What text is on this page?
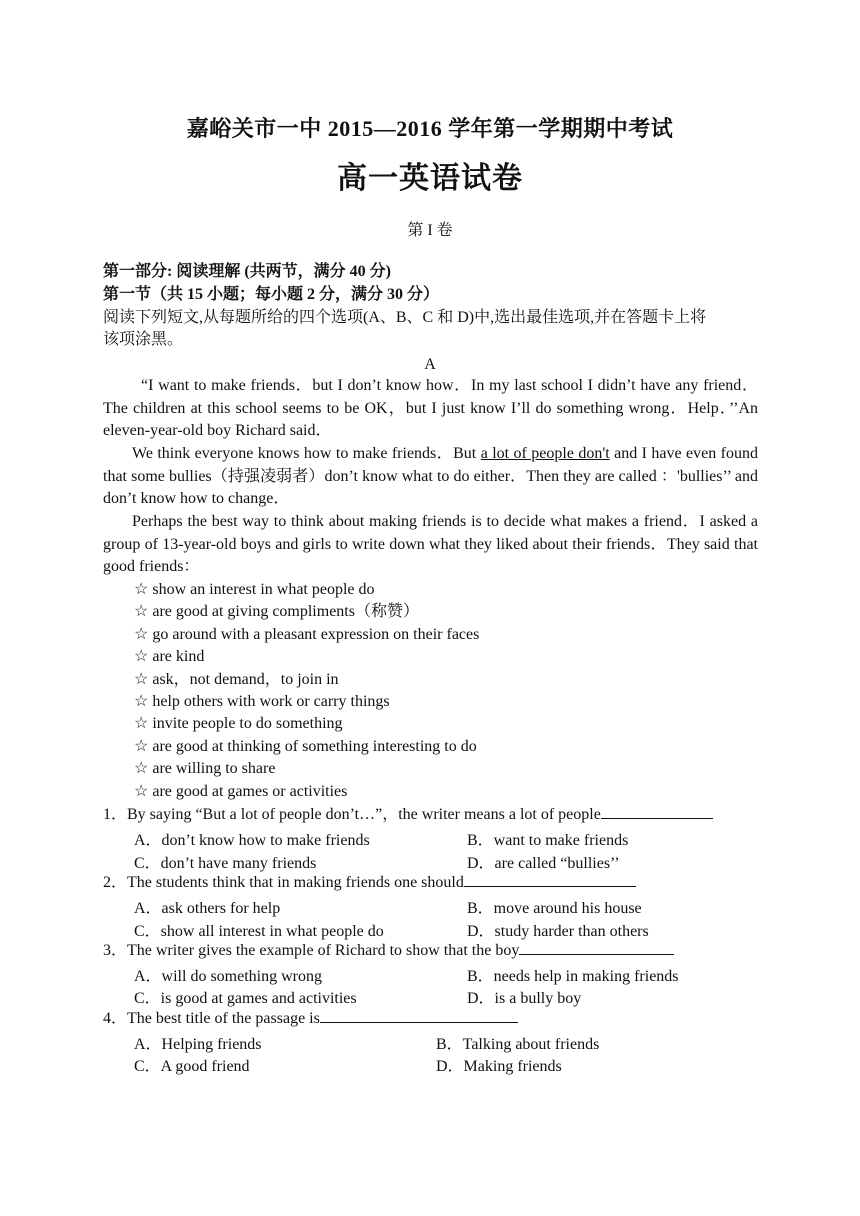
嘉峪关市一中 2015—2016 学年第一学期期中考试
高一英语试卷
第 I 卷
第一部分: 阅读理解 (共两节，满分 40 分)
第一节（共 15 小题；每小题 2 分，满分 30 分）
阅读下列短文,从每题所给的四个选项(A、B、C 和 D)中,选出最佳选项,并在答题卡上将
该项涂黑。
A
“I want to make friends．but I don’t know how．In my last school I didn’t have any friend．The children at this school seems to be OK，but I just know I’ll do something wrong．Help．’’An eleven-year-old boy Richard said．
We think everyone knows how to make friends．But a lot of people don't and I have even found that some bullies（持强凌弱者）don’t know what to do either．Then they are called ：'bullies’’ and don’t know how to change．
Perhaps the best way to think about making friends is to decide what makes a friend．I asked a group of 13-year-old boys and girls to write down what they liked about their friends．They said that good friends：
☆ show an interest in what people do
☆ are good at giving compliments（称赞）
☆ go around with a pleasant expression on their faces
☆ are kind
☆ ask，not demand，to join in
☆ help others with work or carry things
☆ invite people to do something
☆ are good at thinking of something interesting to do
☆ are willing to share
☆ are good at games or activities
1．By saying “But a lot of people don’t…”，the writer means a lot of people
A．don’t know how to make friends	B．want to make friends
C．don’t have many friends	D．are called “bullies’’
2．The students think that in making friends one should
A．ask others for help	B．move around his house
C．show all interest in what people do	D．study harder than others
3．The writer gives the example of Richard to show that the boy
A．will do something wrong	B．needs help in making friends
C．is good at games and activities	D．is a bully boy
4．The best title of the passage is
A．Helping friends	B．Talking about friends
C．A good friend	D．Making friends
